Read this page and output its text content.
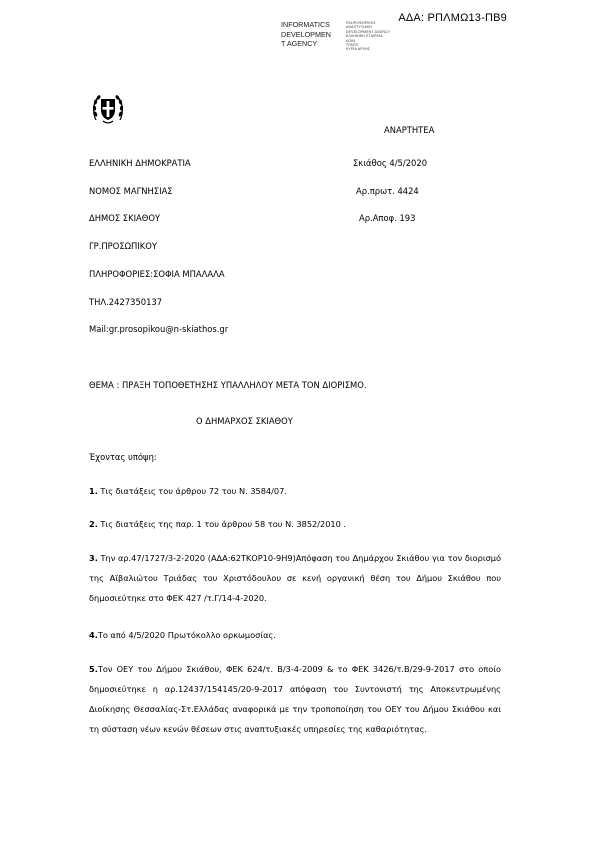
ΑΔΑ: ΡΠΛΜΩ13-ΠΒ9
INFORMATICS
DEVELOPMEN
T AGENCY
ΠΛΗΡΟΦΟΡΙΚΗΣ
ΑΝΑΠΤΥΞΙΑΚΗ
DEVELOPMENT AGENCY
ΕΛΛΗΝΙΚΗ ΕΤΑΙΡΕΙΑ
ΚΟΙΝ
ΤΡΑΠΟ
ΚΥΡΙΑ ΑΡΧΗΣ
ΑΝΑΡΤΗΤΕΑ
ΕΛΛΗΝΙΚΗ ΔΗΜΟΚΡΑΤΙΑ
ΝΟΜΟΣ ΜΑΓΝΗΣΙΑΣ
ΔΗΜΟΣ ΣΚΙΑΘΟΥ
ΓΡ.ΠΡΟΣΩΠΙΚΟΥ
ΠΛΗΡΟΦΟΡΙΕΣ:ΣΟΦΙΑ ΜΠΑΛΑΛΑ
ΤΗΛ.2427350137
Mail:gr.prosopikou@n-skiathos.gr
Σκιάθος 4/5/2020
Αρ.πρωτ. 4424
Αρ.Αποφ. 193
ΘΕΜΑ : ΠΡΑΞΗ ΤΟΠΟΘΕΤΗΣΗΣ ΥΠΑΛΛΗΛΟΥ ΜΕΤΑ ΤΟΝ ΔΙΟΡΙΣΜΟ.
Ο ΔΗΜΑΡΧΟΣ ΣΚΙΑΘΟΥ
Έχοντας υπόψη:
1. Τις διατάξεις του άρθρου 72 του Ν. 3584/07.
2. Τις διατάξεις της παρ. 1 του άρθρου 58 του Ν. 3852/2010 .
3. Την αρ.47/1727/3-2-2020 (ΑΔΑ:62ΤΚΟΡ10-9Η9)Απόφαση του Δημάρχου Σκιάθου για τον διορισμό της Αϊβαλιώτου Τριάδας του Χριστόδουλου σε κενή οργανική θέση του Δήμου Σκιάθου που δημοσιεύτηκε στο ΦΕΚ 427 /τ.Γ/14-4-2020.
4.Το από 4/5/2020 Πρωτόκολλο ορκωμοσίας.
5.Τον ΟΕΥ του Δήμου Σκιάθου, ΦΕΚ 624/τ. Β/3-4-2009 & το ΦΕΚ 3426/τ.Β/29-9-2017 στο οποίο δημοσιεύτηκε η αρ.12437/154145/20-9-2017 απόφαση του Συντονιστή της Αποκεντρωμένης Διοίκησης Θεσσαλίας-Στ.Ελλάδας αναφορικά με την τροποποίηση του ΟΕΥ του Δήμου Σκιάθου και τη σύσταση νέων κενών θέσεων στις αναπτυξιακές υπηρεσίες της καθαριότητας.
